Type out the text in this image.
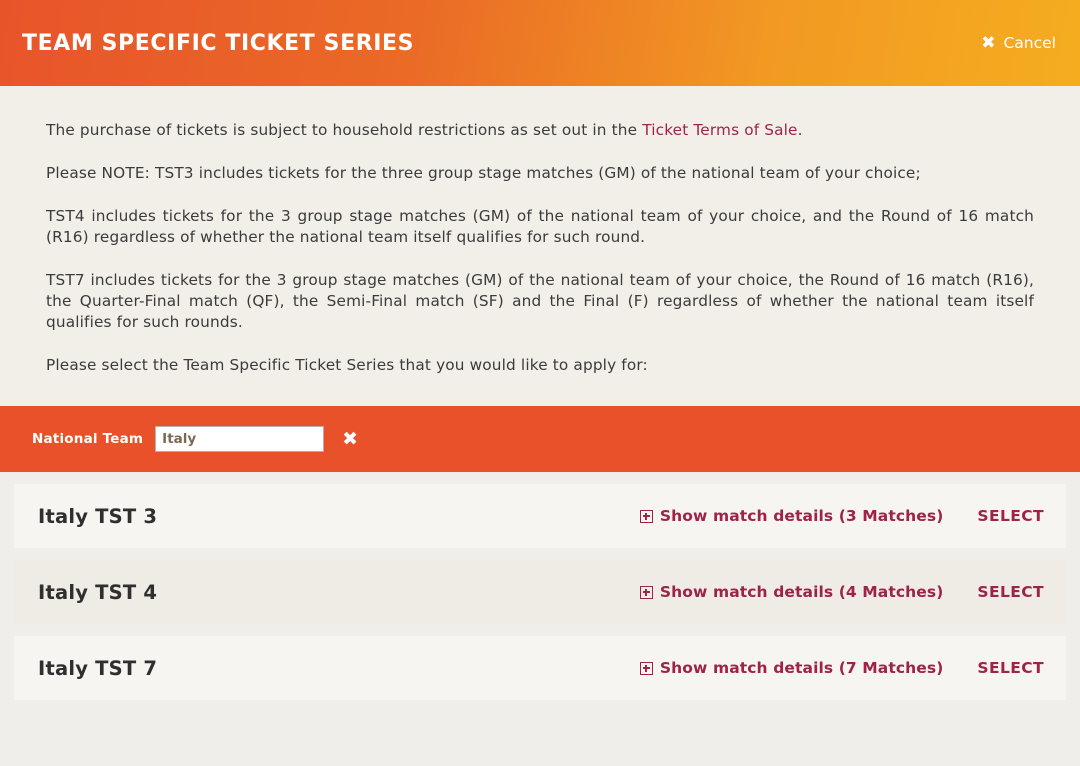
TEAM SPECIFIC TICKET SERIES	✖ Cancel

The purchase of tickets is subject to household restrictions as set out in the Ticket Terms of Sale.

Please NOTE: TST3 includes tickets for the three group stage matches (GM) of the national team of your choice;

TST4 includes tickets for the 3 group stage matches (GM) of the national team of your choice, and the Round of 16 match (R16) regardless of whether the national team itself qualifies for such round.

TST7 includes tickets for the 3 group stage matches (GM) of the national team of your choice, the Round of 16 match (R16), the Quarter-Final match (QF), the Semi-Final match (SF) and the Final (F) regardless of whether the national team itself qualifies for such rounds.

Please select the Team Specific Ticket Series that you would like to apply for:

National Team
Italy	✖
Italy TST 3	Show match details (3 Matches) SELECT
Italy TST 4	Show match details (4 Matches) SELECT
Italy TST 7	Show match details (7 Matches) SELECT
